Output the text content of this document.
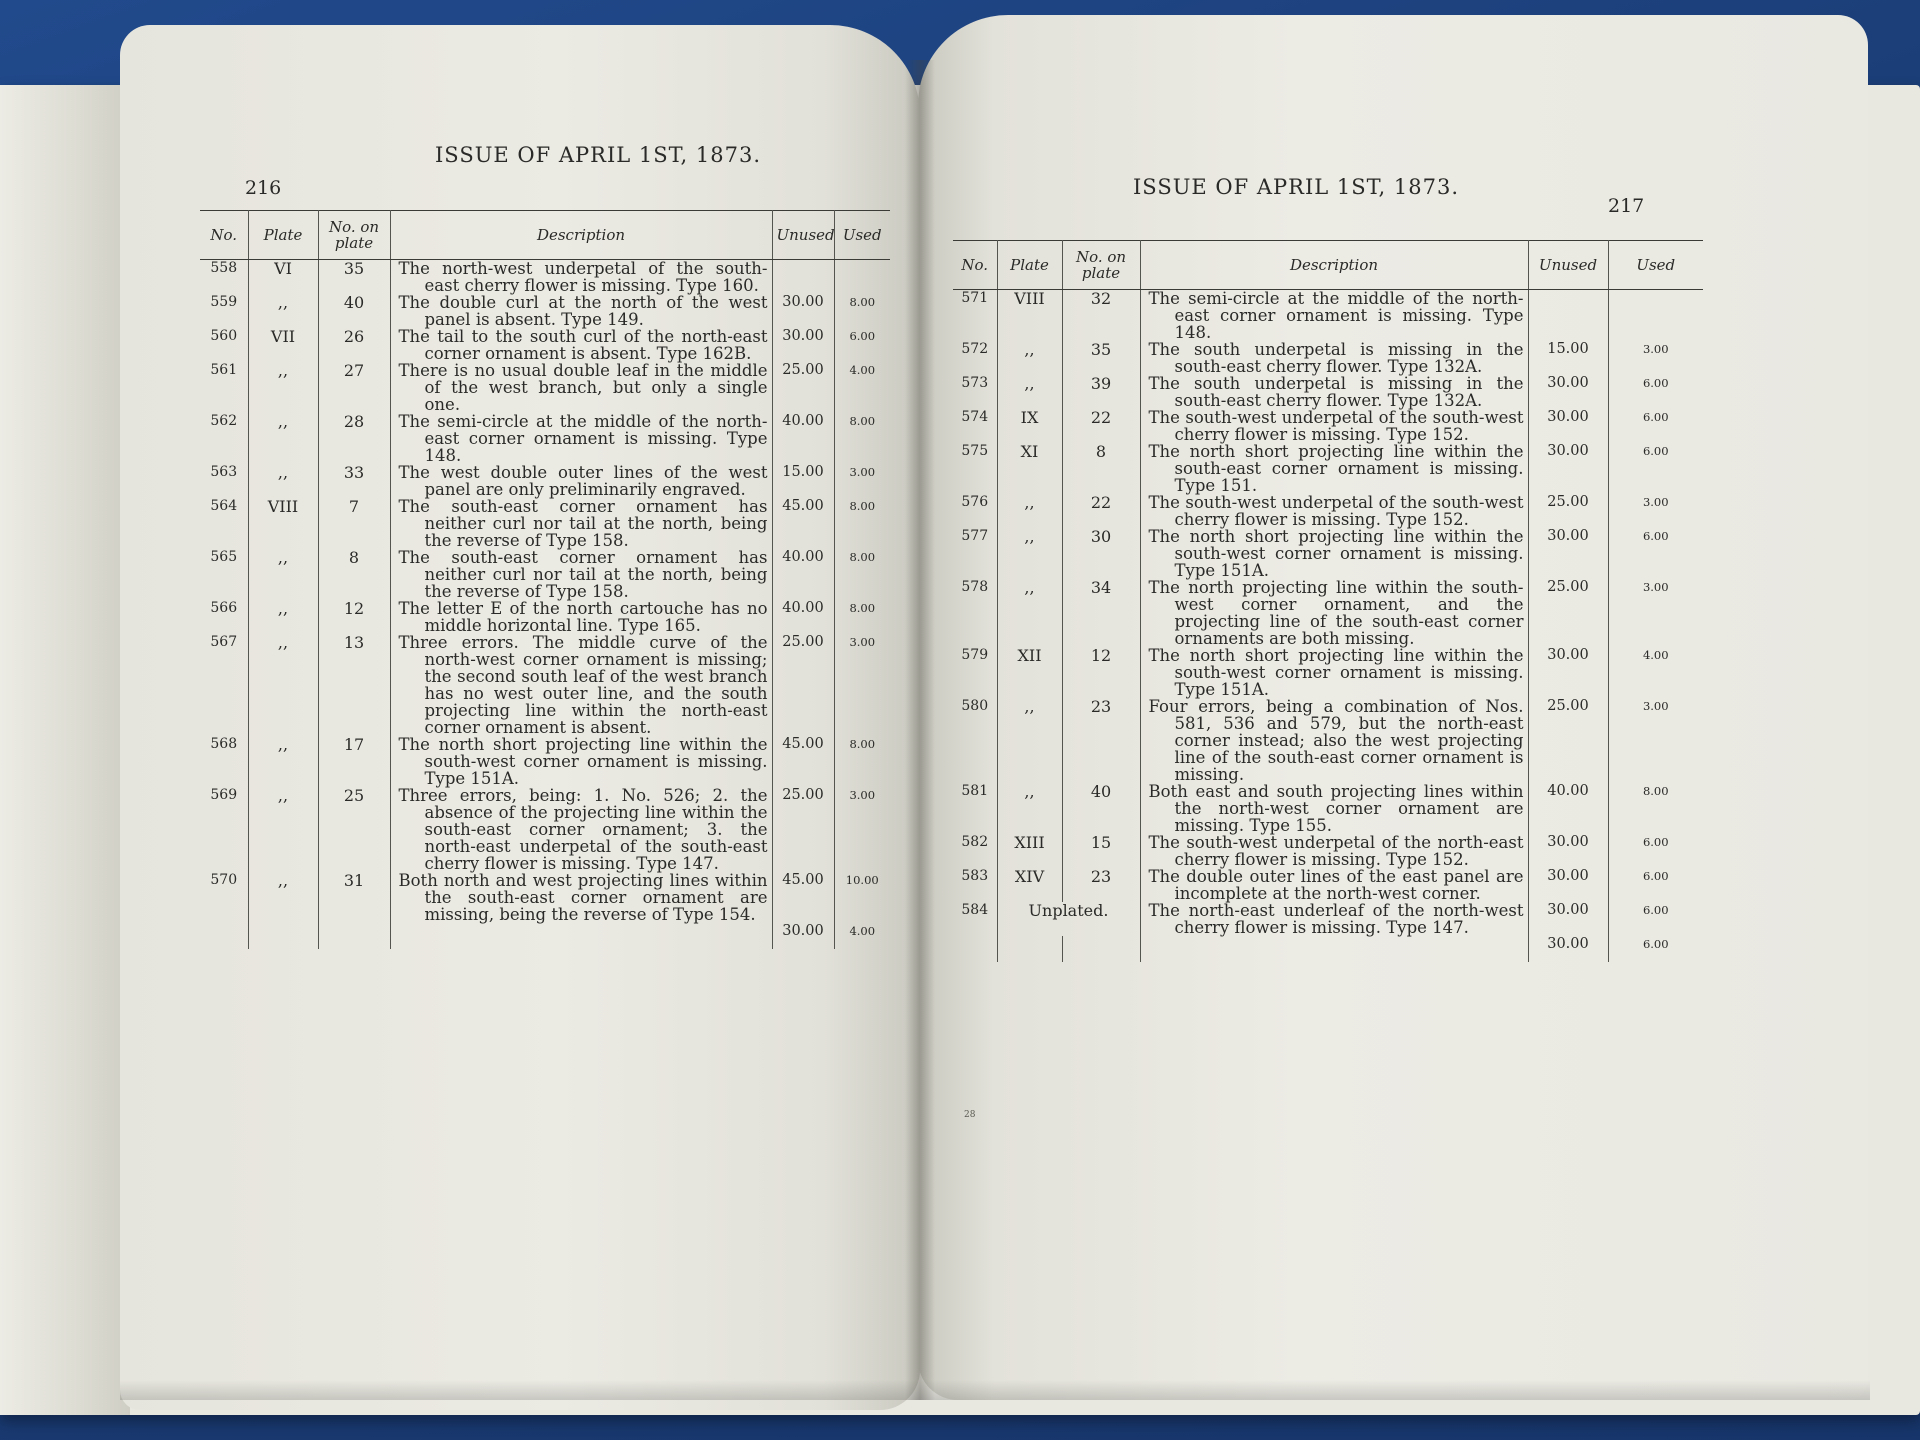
216
ISSUE OF APRIL 1ST, 1873.
No.	Plate	No. on plate	Description	Unused	Used
558	VI	35	The north-west underpetal of the south-east cherry flower is missing. Type 160.		

559	,,	40	The double curl at the north of the west panel is absent. Type 149.	30.00	8.00
560	VII	26	The tail to the south curl of the north-east corner ornament is absent. Type 162B.	30.00	6.00
561	,,	27	There is no usual double leaf in the middle of the west branch, but only a single one.	25.00	4.00
562	,,	28	The semi-circle at the middle of the north-east corner ornament is missing. Type 148.	40.00	8.00
563	,,	33	The west double outer lines of the west panel are only preliminarily engraved.	15.00	3.00
564	VIII	7	The south-east corner ornament has neither curl nor tail at the north, being the reverse of Type 158.	45.00	8.00
565	,,	8	The south-east corner ornament has neither curl nor tail at the north, being the reverse of Type 158.	40.00	8.00
566	,,	12	The letter E of the north cartouche has no middle horizontal line. Type 165.	40.00	8.00
567	,,	13	Three errors. The middle curve of the north-west corner ornament is missing; the second south leaf of the west branch has no west outer line, and the south projecting line within the north-east corner ornament is absent.	25.00	3.00
568	,,	17	The north short projecting line within the south-west corner ornament is missing. Type 151A.	45.00	8.00
569	,,	25	Three errors, being: 1. No. 526; 2. the absence of the projecting line within the south-east corner ornament; 3. the north-east underpetal of the south-east cherry flower is missing. Type 147.	25.00	3.00
570	,,	31	Both north and west projecting lines within the south-east corner ornament are missing, being the reverse of Type 154.	45.00	10.00
				30.00	4.00
217
ISSUE OF APRIL 1ST, 1873.
No.	Plate	No. on plate	Description	Unused	Used
571	VIII	32	The semi-circle at the middle of the north-east corner ornament is missing. Type 148.		

572	,,	35	The south underpetal is missing in the south-east cherry flower. Type 132A.	15.00	3.00
573	,,	39	The south underpetal is missing in the south-east cherry flower. Type 132A.	30.00	6.00
574	IX	22	The south-west underpetal of the south-west cherry flower is missing. Type 152.	30.00	6.00
575	XI	8	The north short projecting line within the south-east corner ornament is missing. Type 151.	30.00	6.00
576	,,	22	The south-west underpetal of the south-west cherry flower is missing. Type 152.	25.00	3.00
577	,,	30	The north short projecting line within the south-west corner ornament is missing. Type 151A.	30.00	6.00
578	,,	34	The north projecting line within the south-west corner ornament, and the projecting line of the south-east corner ornaments are both missing.	25.00	3.00
579	XII	12	The north short projecting line within the south-west corner ornament is missing. Type 151A.	30.00	4.00
580	,,	23	Four errors, being a combination of Nos. 581, 536 and 579, but the north-east corner instead; also the west projecting line of the south-east corner ornament is missing.	25.00	3.00
581	,,	40	Both east and south projecting lines within the north-west corner ornament are missing. Type 155.	40.00	8.00
582	XIII	15	The south-west underpetal of the north-east cherry flower is missing. Type 152.	30.00	6.00
583	XIV	23	The double outer lines of the east panel are incomplete at the north-west corner.	30.00	6.00
584	Unplated.		The north-east underleaf of the north-west cherry flower is missing. Type 147.	30.00	6.00
				30.00	6.00
28
